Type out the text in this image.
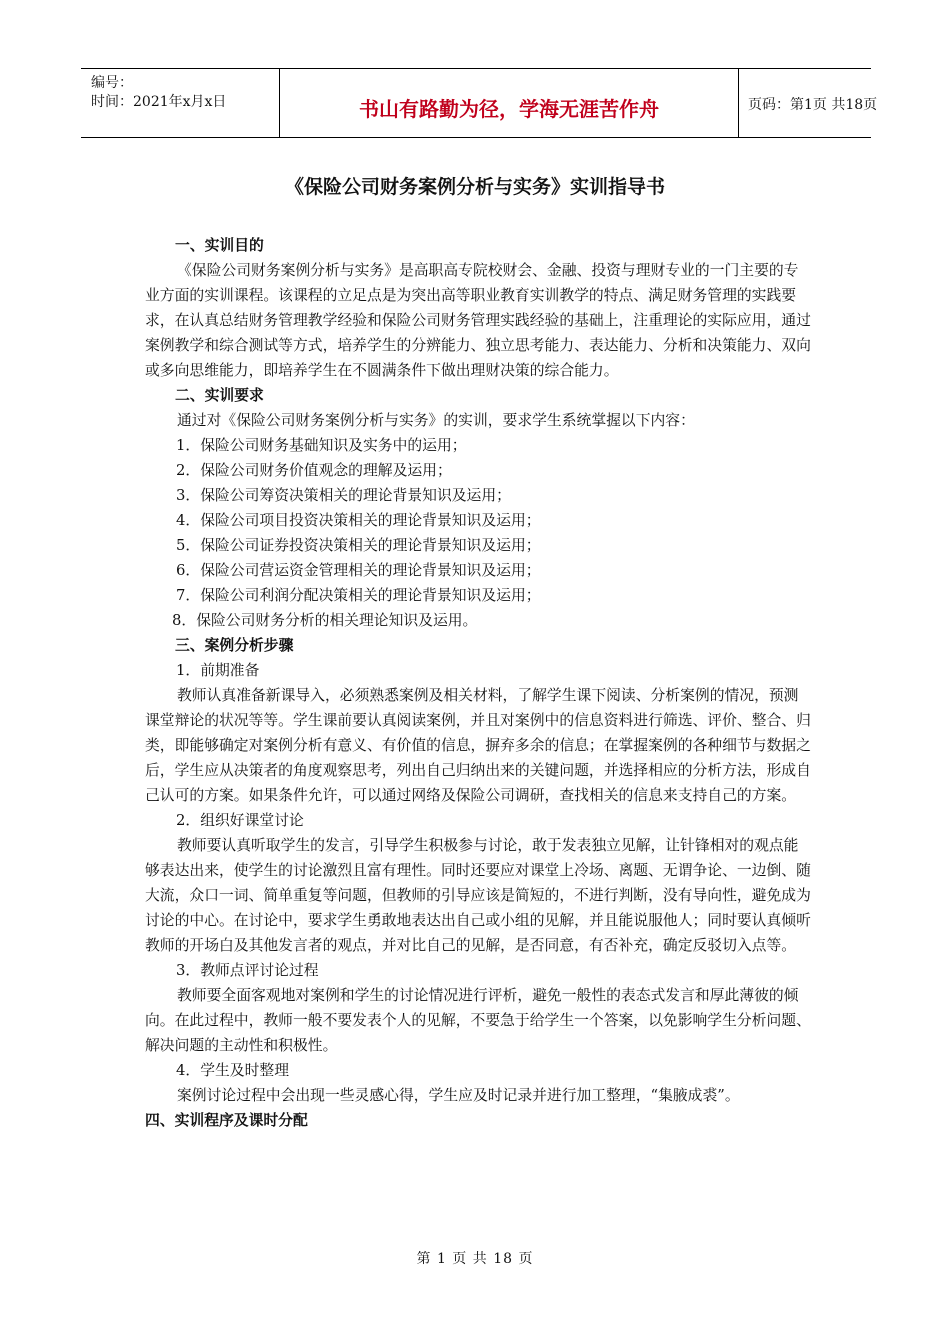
编号：
时间：2021年x月x日	书山有路勤为径，学海无涯苦作舟	页码：第1页 共18页
《保险公司财务案例分析与实务》实训指导书

一、实训目的

《保险公司财务案例分析与实务》是高职高专院校财会、金融、投资与理财专业的一门主要的专业方面的实训课程。该课程的立足点是为突出高等职业教育实训教学的特点、满足财务管理的实践要求，在认真总结财务管理教学经验和保险公司财务管理实践经验的基础上，注重理论的实际应用，通过案例教学和综合测试等方式，培养学生的分辨能力、独立思考能力、表达能力、分析和决策能力、双向或多向思维能力，即培养学生在不圆满条件下做出理财决策的综合能力。

二、实训要求

通过对《保险公司财务案例分析与实务》的实训，要求学生系统掌握以下内容：

1．保险公司财务基础知识及实务中的运用；

2．保险公司财务价值观念的理解及运用；

3．保险公司筹资决策相关的理论背景知识及运用；

4．保险公司项目投资决策相关的理论背景知识及运用；

5．保险公司证券投资决策相关的理论背景知识及运用；

6．保险公司营运资金管理相关的理论背景知识及运用；

7．保险公司利润分配决策相关的理论背景知识及运用；

8．保险公司财务分析的相关理论知识及运用。

三、案例分析步骤

1．前期准备

教师认真准备新课导入，必须熟悉案例及相关材料，了解学生课下阅读、分析案例的情况，预测课堂辩论的状况等等。学生课前要认真阅读案例，并且对案例中的信息资料进行筛选、评价、整合、归类，即能够确定对案例分析有意义、有价值的信息，摒弃多余的信息；在掌握案例的各种细节与数据之后，学生应从决策者的角度观察思考，列出自己归纳出来的关键问题，并选择相应的分析方法，形成自己认可的方案。如果条件允许，可以通过网络及保险公司调研，查找相关的信息来支持自己的方案。

2．组织好课堂讨论

教师要认真听取学生的发言，引导学生积极参与讨论，敢于发表独立见解，让针锋相对的观点能够表达出来，使学生的讨论激烈且富有理性。同时还要应对课堂上冷场、离题、无谓争论、一边倒、随大流，众口一词、简单重复等问题，但教师的引导应该是简短的，不进行判断，没有导向性，避免成为讨论的中心。在讨论中，要求学生勇敢地表达出自己或小组的见解，并且能说服他人；同时要认真倾听教师的开场白及其他发言者的观点，并对比自己的见解，是否同意，有否补充，确定反驳切入点等。

3．教师点评讨论过程

教师要全面客观地对案例和学生的讨论情况进行评析，避免一般性的表态式发言和厚此薄彼的倾向。在此过程中，教师一般不要发表个人的见解，不要急于给学生一个答案，以免影响学生分析问题、解决问题的主动性和积极性。

4．学生及时整理

案例讨论过程中会出现一些灵感心得，学生应及时记录并进行加工整理，“集腋成裘”。

四、实训程序及课时分配

第 1 页 共 18 页
